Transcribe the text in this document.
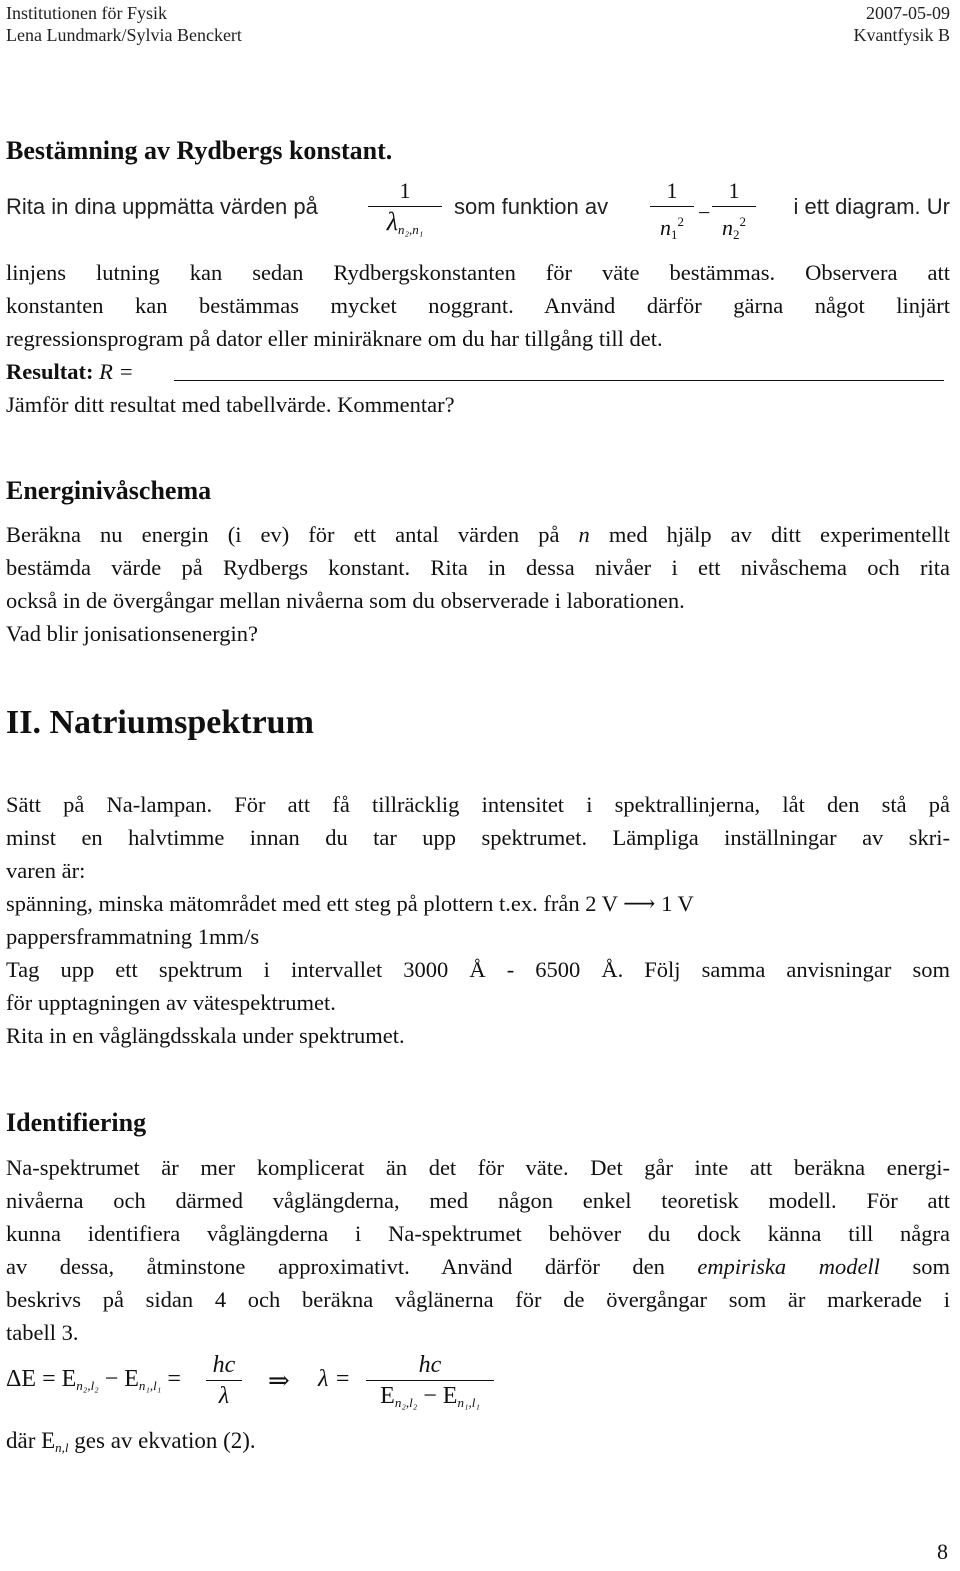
Institutionen för Fysik
Lena Lundmark/Sylvia Benckert
2007-05-09
Kvantfysik B
Bestämning av Rydbergs konstant.
Rita in dina uppmätta värden på
1
$\lambda_{n_2,n_1}$
som funktion av
1
$n_1^2$ −
1
$n_2^2$
i ett diagram. Ur
linjens lutning kan sedan Rydbergskonstanten för väte bestämmas. Observera att
konstanten kan bestämmas mycket noggrant. Använd därför gärna något linjärt
regressionsprogram på dator eller miniräknare om du har tillgång till det.
Resultat: R =
Jämför ditt resultat med tabellvärde. Kommentar?
Energinivåschema
Beräkna nu energin (i ev) för ett antal värden på n med hjälp av ditt experimentellt
bestämda värde på Rydbergs konstant. Rita in dessa nivåer i ett nivåschema och rita
också in de övergångar mellan nivåerna som du observerade i laborationen.
Vad blir jonisationsenergin?
II. Natriumspektrum
Sätt på Na-lampan. För att få tillräcklig intensitet i spektrallinjerna, låt den stå på
minst en halvtimme innan du tar upp spektrumet. Lämpliga inställningar av skri-
varen är:
spänning, minska mätområdet med ett steg på plottern t.ex. från 2 V ⟶ 1 V
pappersframmatning 1mm/s
Tag upp ett spektrum i intervallet 3000 Å - 6500 Å. Följ samma anvisningar som
för upptagningen av vätespektrumet.
Rita in en våglängdsskala under spektrumet.
Identifiering
Na-spektrumet är mer komplicerat än det för väte. Det går inte att beräkna energi-
nivåerna och därmed våglängderna, med någon enkel teoretisk modell. För att
kunna identifiera våglängderna i Na-spektrumet behöver du dock känna till några
av dessa, åtminstone approximativt. Använd därför den empiriska modell som
beskrivs på sidan 4 och beräkna våglänerna för de övergångar som är markerade i
tabell 3.
$\Delta E = E_{n_2,l_2} - E_{n_1,l_1}$ =
hc
λ
⇒ λ =
hc
$E_{n_2,l_2} - E_{n_1,l_1}$
där $E_{n,l}$ ges av ekvation (2).
8
